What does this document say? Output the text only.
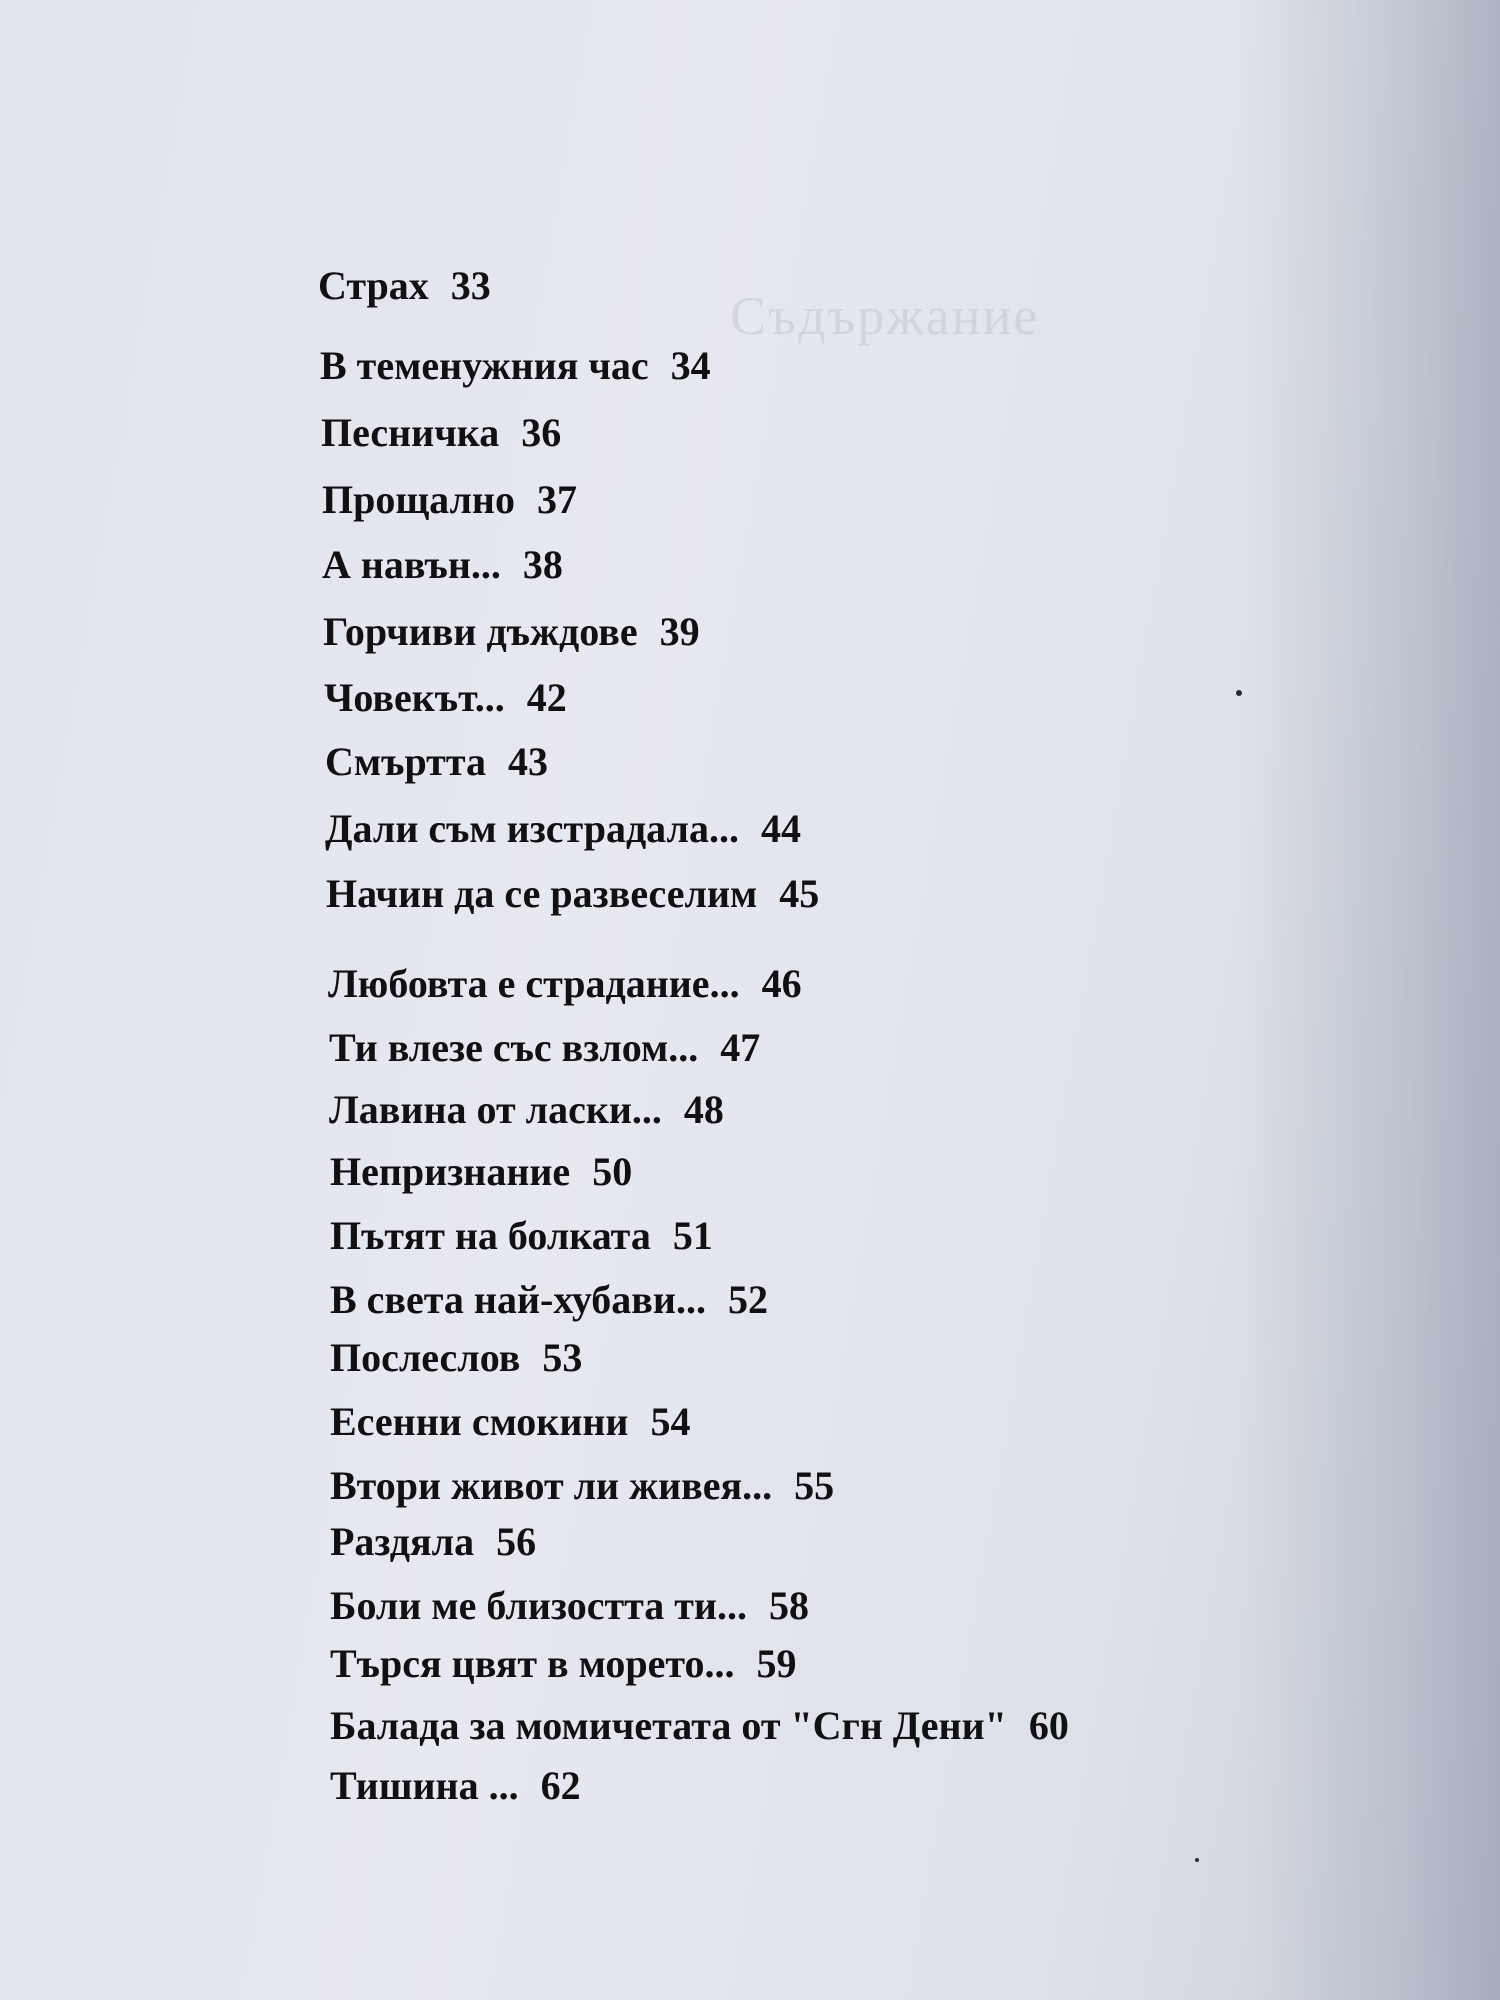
Съдържание
Страх 33
В теменужния час 34
Песничка 36
Прощално 37
А навън... 38
Горчиви дъждове 39
Човекът... 42
Смъртта 43
Дали съм изстрадала... 44
Начин да се развеселим 45
Любовта е страдание... 46
Ти влезе със взлом... 47
Лавина от ласки... 48
Непризнание 50
Пътят на болката 51
В света най-хубави... 52
Послеслов 53
Есенни смокини 54
Втори живот ли живея... 55
Раздяла 56
Боли ме близостта ти... 58
Търся цвят в морето... 59
Балада за момичетата от "Сгн Дени" 60
Тишина ... 62
